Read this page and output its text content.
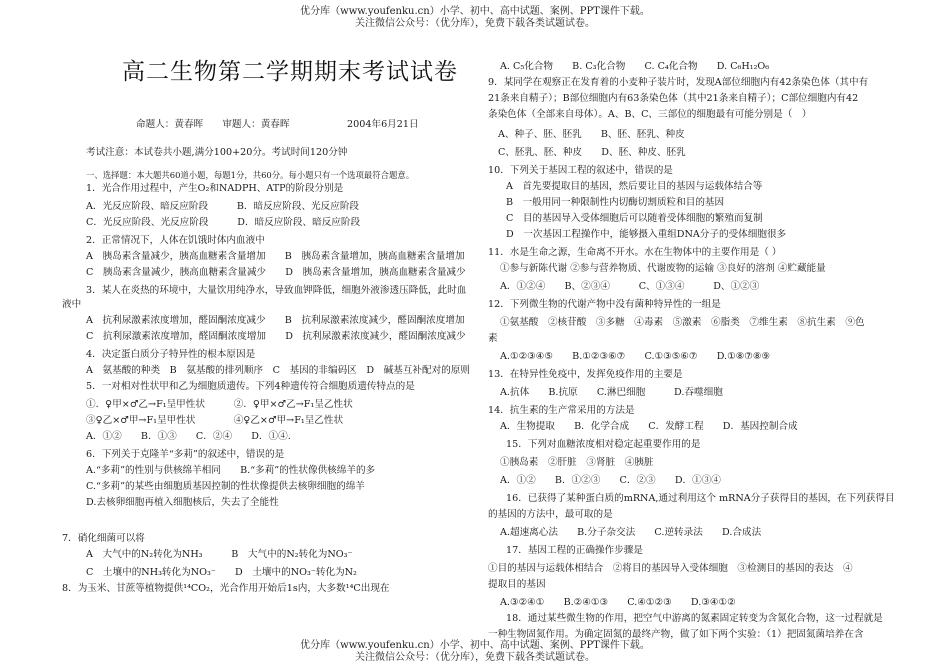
优分库（www.youfenku.cn）小学、初中、高中试题、案例、PPT课件下载。
关注微信公众号：（优分库），免费下载各类试题试卷。
高二生物第二学期期末考试试卷
命题人：黄春晖　　审题人：黄春晖　　　　　　2004年6月21日
考试注意：本试卷共小题,满分100+20分。考试时间120分钟
一、选择题：本大题共60道小题，每题1分，共60分。每小题只有一个选项最符合题意。
1．光合作用过程中，产生O₂和NADPH、ATP的阶段分别是
A．光反应阶段、暗反应阶段　　　B．暗反应阶段、光反应阶段
C．光反应阶段、光反应阶段　　　D．暗反应阶段、暗反应阶段
2．正常情况下，人体在饥饿时体内血液中
A　胰岛素含量减少，胰高血糖素含量增加　　B　胰岛素含量增加，胰高血糖素含量增加
C　胰岛素含量减少，胰高血糖素含量减少　　D　胰岛素含量增加，胰高血糖素含量减少
3．某人在炎热的环境中，大量饮用纯净水，导致血钾降低，细胞外液渗透压降低，此时血
液中
A　抗利尿激素浓度增加，醛固酮浓度减少　　B　抗利尿激素浓度减少，醛固酮浓度增加
C　抗利尿激素浓度增加，醛固酮浓度增加　　D　抗利尿激素浓度减少，醛固酮浓度减少
4．决定蛋白质分子特异性的根本原因是
A　氨基酸的种类　B　氨基酸的排列顺序　C　基因的非编码区　D　碱基互补配对的原则
5．一对相对性状甲和乙为细胞质遗传。下列4种遗传符合细胞质遗传特点的是
①．♀甲×♂乙→F₁呈甲性状　　　②．♀甲×♂乙→F₁呈乙性状
③♀乙×♂甲→F₁呈甲性状　　　　④♀乙×♂甲→F₁呈乙性状
A．①②　　B．①③　　C．②④　　D．①④.
6．下列关于克隆羊“多莉”的叙述中，错误的是
A.“多莉”的性别与供核绵羊相同　　B.“多莉”的性状像供核绵羊的多
C.“多莉”的某些由细胞质基因控制的性状像提供去核卵细胞的绵羊
D.去核卵细胞再植入细胞核后，失去了全能性
7．硝化细菌可以将
A　大气中的N₂转化为NH₃　　　B　大气中的N₂转化为NO₃⁻
C　土壤中的NH₃转化为NO₃⁻　　D　土壤中的NO₃⁻转化为N₂
8．为玉米、甘蔗等植物提供¹⁴CO₂，光合作用开始后1s内，大多数¹⁴C出现在
A. C₅化合物　　B. C₃化合物　　C. C₄化合物　　D. C₆H₁₂O₆
9．某同学在观察正在发育着的小麦种子装片时，发现A部位细胞内有42条染色体（其中有
21条来自精子）；B部位细胞内有63条染色体（其中21条来自精子）；C部位细胞内有42
条染色体（全部来自母体）。A、B、C、三部位的细胞最有可能分别是（　）
A、种子、胚、胚乳　　B、胚、胚乳、种皮
C、胚乳、胚、种皮　　D、胚、种皮、胚乳
10．下列关于基因工程的叙述中，错误的是
A　首先要提取目的基因，然后要让目的基因与运载体结合等
B　一般用同一种限制性内切酶切割质粒和目的基因
C　目的基因导入受体细胞后可以随着受体细胞的繁殖而复制
D　一次基因工程操作中，能够摄入重组DNA分子的受体细胞很多
11．水是生命之源，生命离不开水。水在生物体中的主要作用是（ ）
①参与新陈代谢 ②参与营养物质、代谢废物的运输 ③良好的溶剂 ④贮藏能量
A．①②④　　B、②③④　　　C、①③④　　　D、①②③
12．下列微生物的代谢产物中没有菌种特异性的一组是
①氨基酸　②核苷酸　③多糖　④毒素　⑤激素　⑥脂类　⑦维生素　⑧抗生素　⑨色
素
A.①②③④⑤　　B.①②③⑥⑦　　C.①③⑤⑥⑦　　D.①⑧⑦⑧⑨
13．在特异性免疫中，发挥免疫作用的主要是
A.抗体　　B.抗原　　C.淋巴细胞　　　D.吞噬细胞
14．抗生素的生产常采用的方法是
A．生物提取　　B．化学合成　　C．发酵工程　　D．基因控制合成
15．下列对血糖浓度相对稳定起重要作用的是
①胰岛素　②肝脏　③肾脏　④胰脏
A．①②　　B．①②③　　C．②③　　D．①③④
16．已获得了某种蛋白质的mRNA,通过利用这个 mRNA分子获得目的基因，在下列获得目
的基因的方法中，最可取的是
A.超速离心法　　B.分子杂交法　　C.逆转录法　　D.合成法
17．基因工程的正确操作步骤是
①目的基因与运载体相结合　②将目的基因导入受体细胞　③检测目的基因的表达　④
提取目的基因
A.③②④①　　B.②④①③　　C.④①②③　　D.③④①②
18．通过某些微生物的作用，把空气中游离的氮素固定转变为含氮化合物，这一过程就是
一种生物固氮作用。为确定固氮的最终产物，做了如下两个实验：（1）把固氮菌培养在含
优分库（www.youfenku.cn）小学、初中、高中试题、案例、PPT课件下载。
关注微信公众号：（优分库），免费下载各类试题试卷。
